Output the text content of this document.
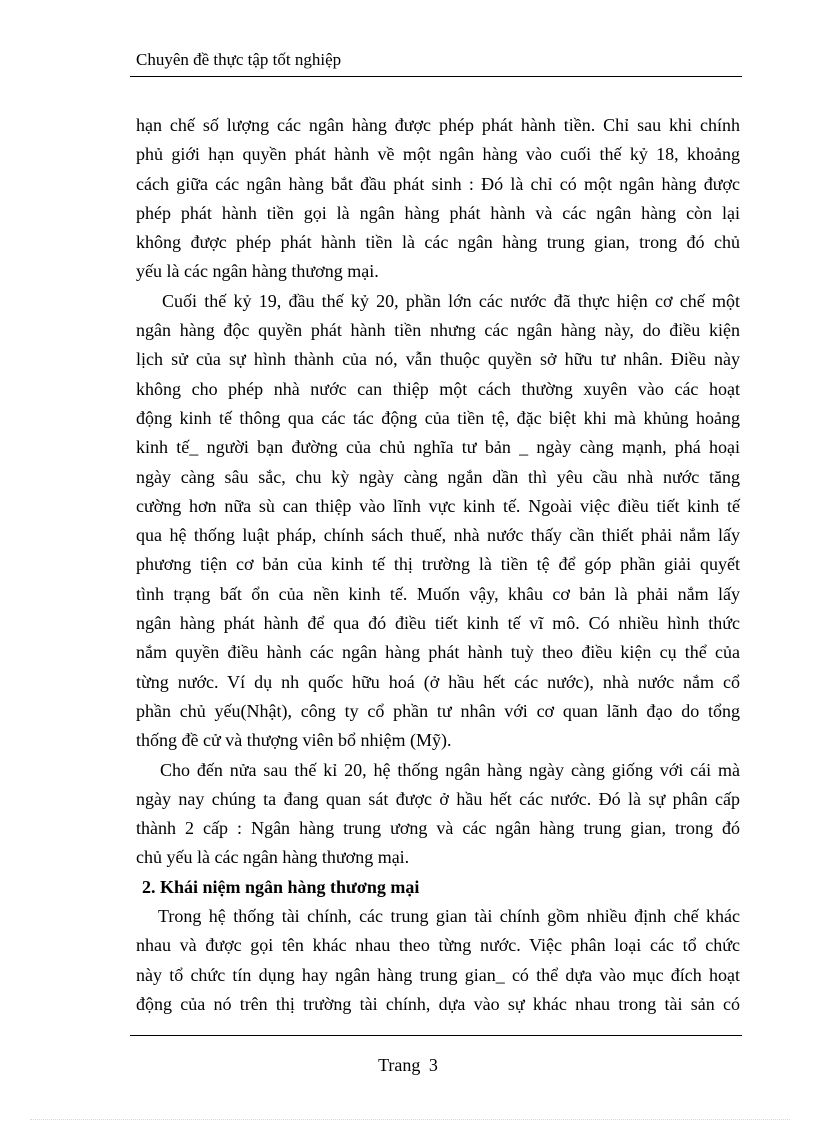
Chuyên đề thực tập tốt nghiệp
hạn chế số lượng các ngân hàng được phép phát hành tiền. Chỉ sau khi chính
phủ giới hạn quyền phát hành về một ngân hàng vào cuối thế kỷ 18, khoảng
cách giữa các ngân hàng bắt đầu phát sinh : Đó là chỉ có một ngân hàng được
phép phát hành tiền gọi là ngân hàng phát hành và các ngân hàng còn lại
không được phép phát hành tiền là các ngân hàng trung gian, trong đó chủ
yếu là các ngân hàng thương mại.
Cuối thế kỷ 19, đầu thế kỷ 20, phần lớn các nước đã thực hiện cơ chế một
ngân hàng độc quyền phát hành tiền nhưng các ngân hàng này, do điều kiện
lịch sử của sự hình thành của nó, vẫn thuộc quyền sở hữu tư nhân. Điều này
không cho phép nhà nước can thiệp một cách thường xuyên vào các hoạt
động kinh tế thông qua các tác động của tiền tệ, đặc biệt khi mà khủng hoảng
kinh tế_ người bạn đường của chủ nghĩa tư bản _ ngày càng mạnh, phá hoại
ngày càng sâu sắc, chu kỳ ngày càng ngắn dần thì yêu cầu nhà nước tăng
cường hơn nữa sù can thiệp vào lĩnh vực kinh tế. Ngoài việc điều tiết kinh tế
qua hệ thống luật pháp, chính sách thuế, nhà nước thấy cần thiết phải nắm lấy
phương tiện cơ bản của kinh tế thị trường là tiền tệ để góp phần giải quyết
tình trạng bất ổn của nền kinh tế. Muốn vậy, khâu cơ bản là phải nắm lấy
ngân hàng phát hành để qua đó điều tiết kinh tế vĩ mô. Có nhiều hình thức
nắm quyền điều hành các ngân hàng phát hành tuỳ theo điều kiện cụ thể của
từng nước. Ví dụ nh quốc hữu hoá (ở hầu hết các nước), nhà nước nắm cổ
phần chủ yếu(Nhật), công ty cổ phần tư nhân với cơ quan lãnh đạo do tổng
thống đề cử và thượng viên bổ nhiệm (Mỹ).
Cho đến nửa sau thế kỉ 20, hệ thống ngân hàng ngày càng giống với cái mà
ngày nay chúng ta đang quan sát được ở hầu hết các nước. Đó là sự phân cấp
thành 2 cấp : Ngân hàng trung ương và các ngân hàng trung gian, trong đó
chủ yếu là các ngân hàng thương mại.
2. Khái niệm ngân hàng thương mại
Trong hệ thống tài chính, các trung gian tài chính gồm nhiều định chế khác
nhau và được gọi tên khác nhau theo từng nước. Việc phân loại các tổ chức
này tổ chức tín dụng hay ngân hàng trung gian_ có thể dựa vào mục đích hoạt
động của nó trên thị trường tài chính, dựa vào sự khác nhau trong tài sản có
Trang 3
